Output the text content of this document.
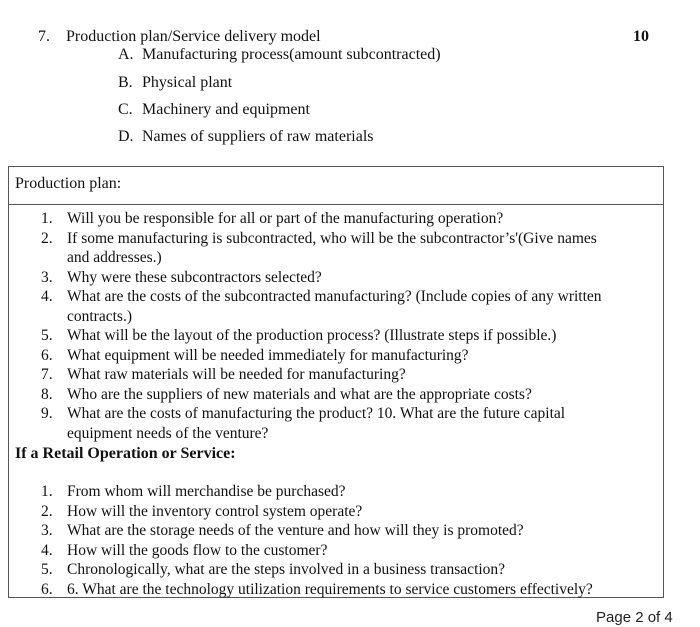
7. Production plan/Service delivery model	10
A. Manufacturing process(amount subcontracted)
B. Physical plant
C. Machinery and equipment
D. Names of suppliers of raw materials
Production plan:
1. Will you be responsible for all or part of the manufacturing operation?
2. If some manufacturing is subcontracted, who will be the subcontractor’s'(Give names
and addresses.)
3. Why were these subcontractors selected?
4. What are the costs of the subcontracted manufacturing? (Include copies of any written
contracts.)
5. What will be the layout of the production process? (Illustrate steps if possible.)
6. What equipment will be needed immediately for manufacturing?
7. What raw materials will be needed for manufacturing?
8. Who are the suppliers of new materials and what are the appropriate costs?
9. What are the costs of manufacturing the product? 10. What are the future capital
equipment needs of the venture?
If a Retail Operation or Service:
1. From whom will merchandise be purchased?
2. How will the inventory control system operate?
3. What are the storage needs of the venture and how will they is promoted?
4. How will the goods flow to the customer?
5. Chronologically, what are the steps involved in a business transaction?
6. 6. What are the technology utilization requirements to service customers effectively?
Page 2 of 4
